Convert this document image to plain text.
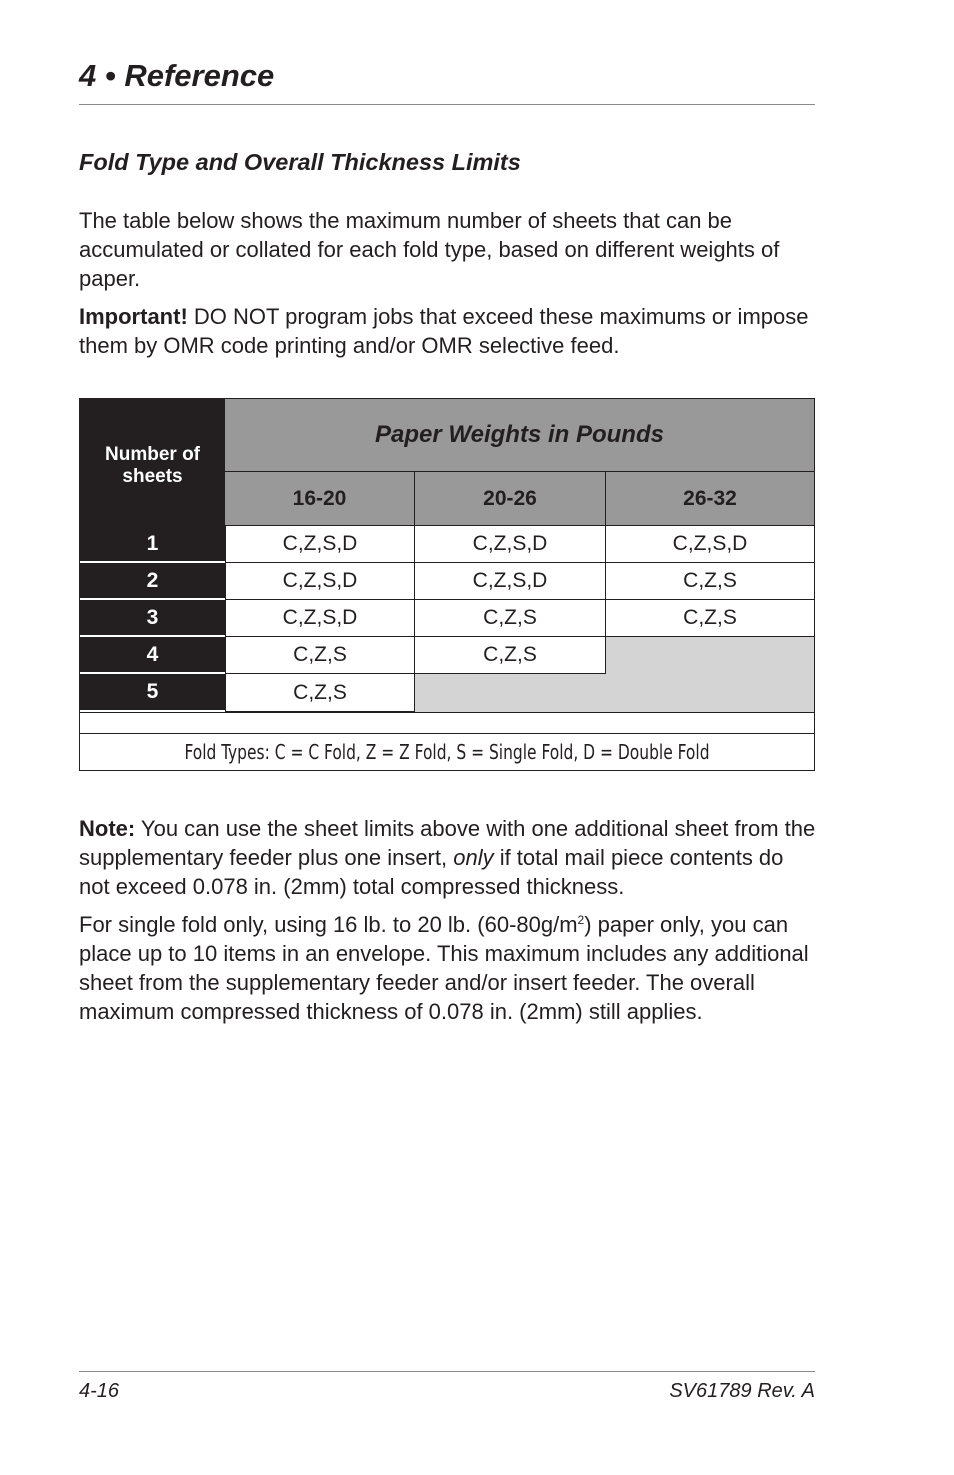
4 • Reference
Fold Type and Overall Thickness Limits

The table below shows the maximum number of sheets that can be accumulated or collated for each fold type, based on different weights of paper.

Important! DO NOT program jobs that exceed these maximums or impose them by OMR code printing and/or OMR selective feed.

Number of sheets
Paper Weights in Pounds
16-20	20-26	26-32
1	C,Z,S,D	C,Z,S,D	C,Z,S,D
2	C,Z,S,D	C,Z,S,D	C,Z,S
3	C,Z,S,D	C,Z,S	C,Z,S
4	C,Z,S	C,Z,S
5	C,Z,S
Fold Types: C = C Fold, Z = Z Fold, S = Single Fold, D = Double Fold

Note: You can use the sheet limits above with one additional sheet from the supplementary feeder plus one insert, only if total mail piece contents do not exceed 0.078 in. (2mm) total compressed thickness.

For single fold only, using 16 lb. to 20 lb. $(60-80g/m^2)$ paper only, you can place up to 10 items in an envelope. This maximum includes any additional sheet from the supplementary feeder and/or insert feeder. The overall maximum compressed thickness of 0.078 in. (2mm) still applies.

4-16	SV61789 Rev. A
